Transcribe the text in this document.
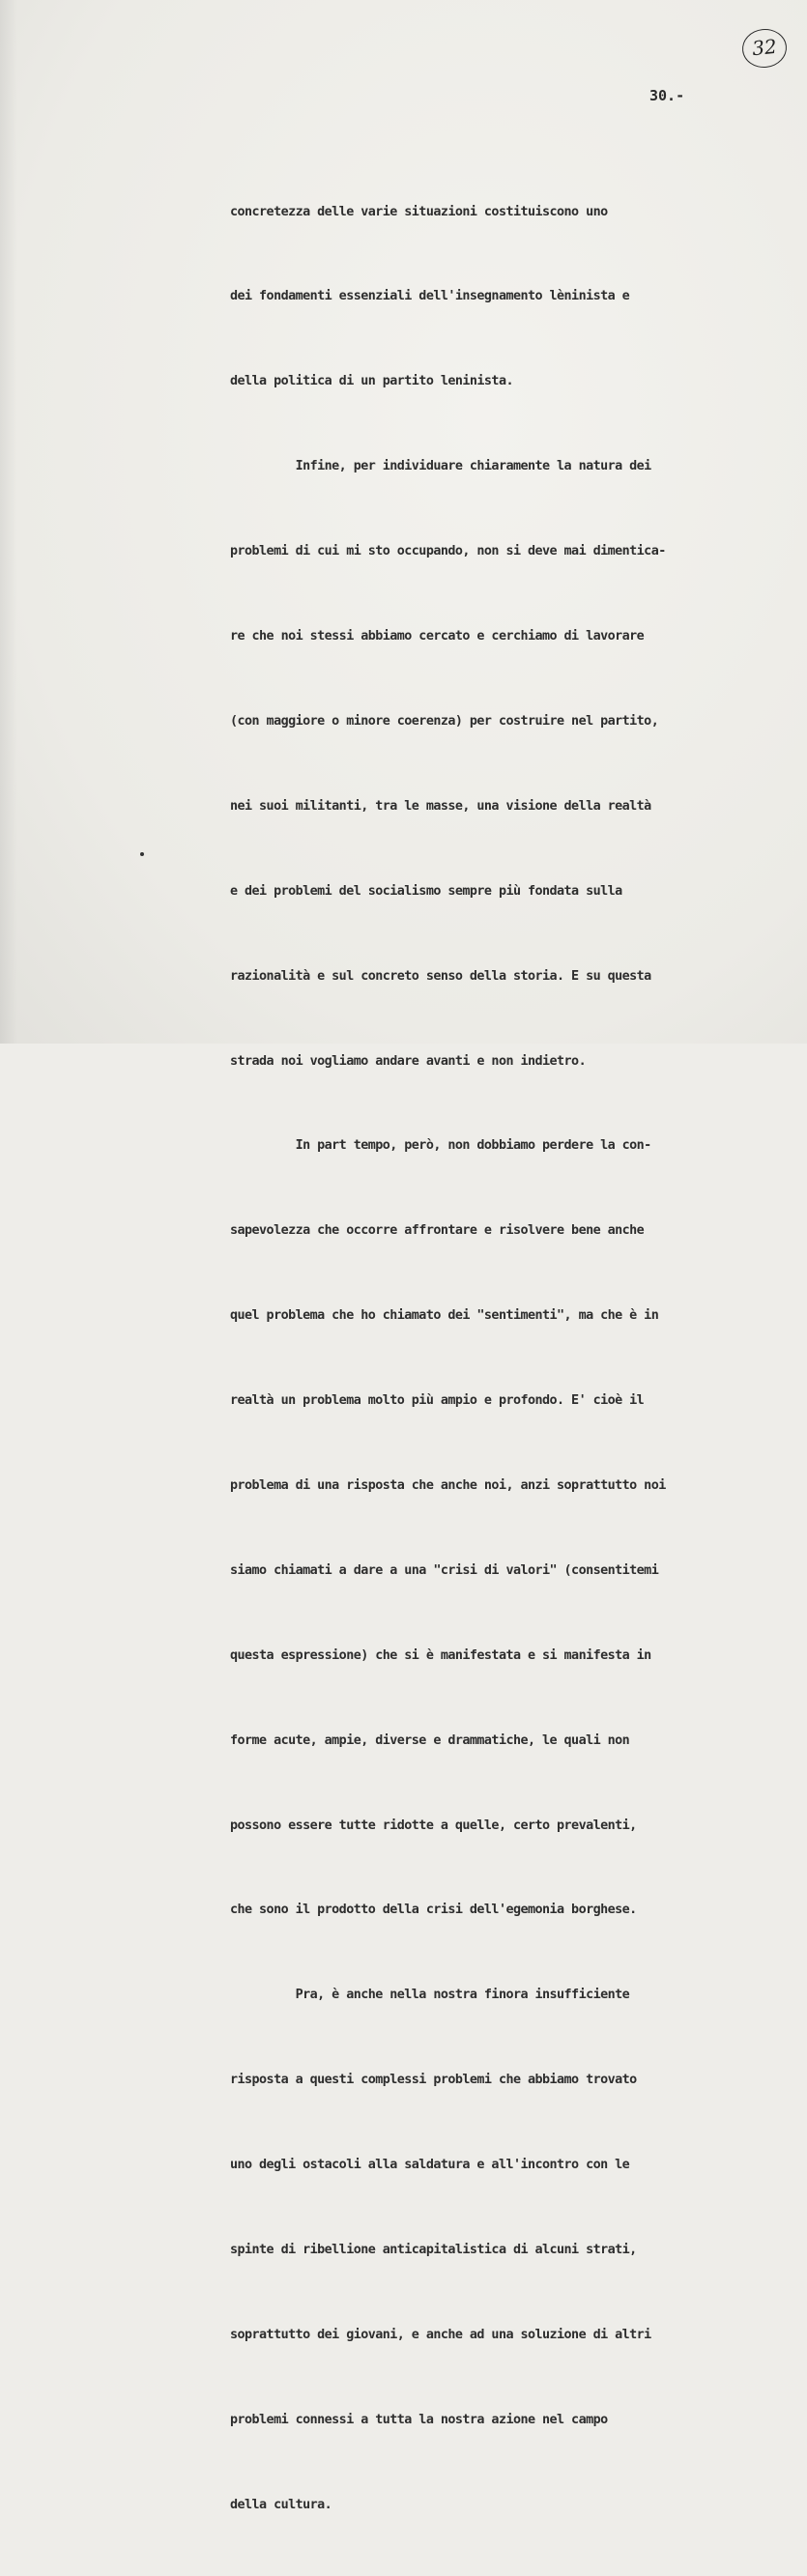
32
30.-

concretezza delle varie situazioni costituiscono uno

dei fondamenti essenziali dell'insegnamento lèninista e

della politica di un partito leninista.

Infine, per individuare chiaramente la natura dei

problemi di cui mi sto occupando, non si deve mai dimentica-

re che noi stessi abbiamo cercato e cerchiamo di lavorare

(con maggiore o minore coerenza) per costruire nel partito,

nei suoi militanti, tra le masse, una visione della realtà

e dei problemi del socialismo sempre più fondata sulla

razionalità e sul concreto senso della storia. E su questa

strada noi vogliamo andare avanti e non indietro.

In part tempo, però, non dobbiamo perdere la con-

sapevolezza che occorre affrontare e risolvere bene anche

quel problema che ho chiamato dei "sentimenti", ma che è in

realtà un problema molto più ampio e profondo. E' cioè il

problema di una risposta che anche noi, anzi soprattutto noi

siamo chiamati a dare a una "crisi di valori" (consentitemi

questa espressione) che si è manifestata e si manifesta in

forme acute, ampie, diverse e drammatiche, le quali non

possono essere tutte ridotte a quelle, certo prevalenti,

che sono il prodotto della crisi dell'egemonia borghese.

Pra, è anche nella nostra finora insufficiente

risposta a questi complessi problemi che abbiamo trovato

uno degli ostacoli alla saldatura e all'incontro con le

spinte di ribellione anticapitalistica di alcuni strati,

soprattutto dei giovani, e anche ad una soluzione di altri

problemi connessi a tutta la nostra azione nel campo

della cultura.
